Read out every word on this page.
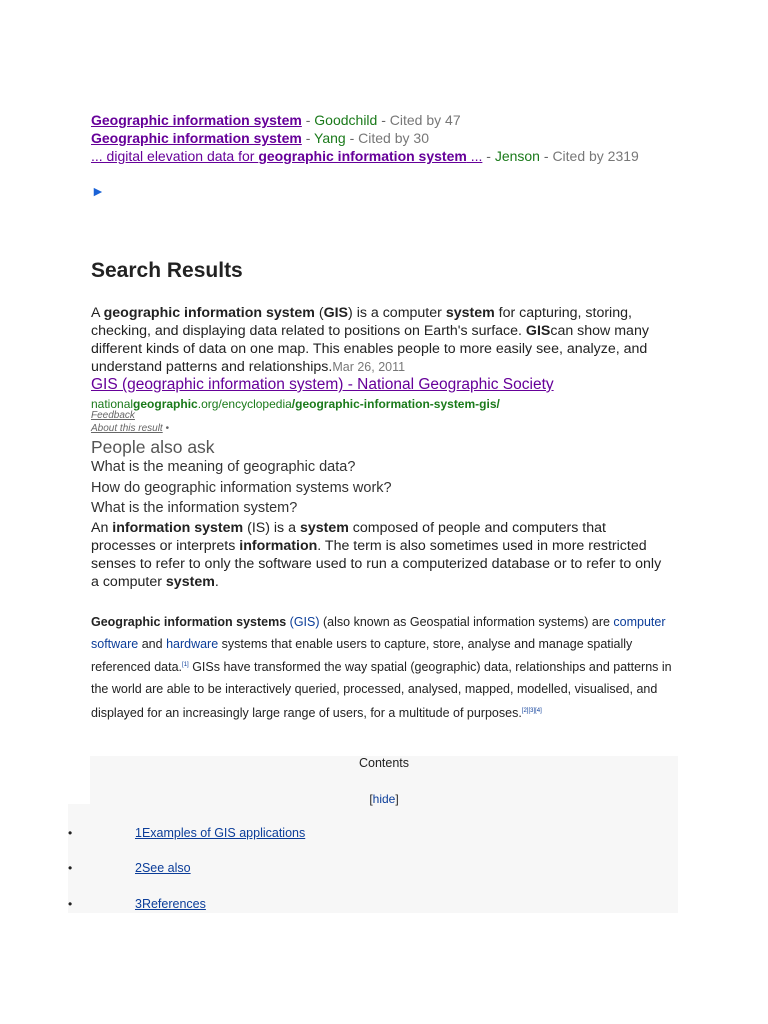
Geographic information system - Goodchild - Cited by 47

Geographic information system - Yang - Cited by 30

... digital elevation data for geographic information system ... - Jenson - Cited by 2319

►
Search Results

A geographic information system (GIS) is a computer system for capturing, storing, checking, and displaying data related to positions on Earth's surface. GIScan show many different kinds of data on one map. This enables people to more easily see, analyze, and understand patterns and relationships.Mar 26, 2011

GIS (geographic information system) - National Geographic Society
nationalgeographic.org/encyclopedia/geographic-information-system-gis/
Feedback
About this result •
People also ask
What is the meaning of geographic data?
How do geographic information systems work?
What is the information system?

An information system (IS) is a system composed of people and computers that processes or interprets information. The term is also sometimes used in more restricted senses to refer to only the software used to run a computerized database or to refer to only a computer system.

Geographic information systems (GIS) (also known as Geospatial information systems) are computer software and hardware systems that enable users to capture, store, analyse and manage spatially referenced data.[1] GISs have transformed the way spatial (geographic) data, relationships and patterns in the world are able to be interactively queried, processed, analysed, mapped, modelled, visualised, and displayed for an increasingly large range of users, for a multitude of purposes.[2][3][4]

Contents
[hide]
•	1Examples of GIS applications
•	2See also
•	3References
